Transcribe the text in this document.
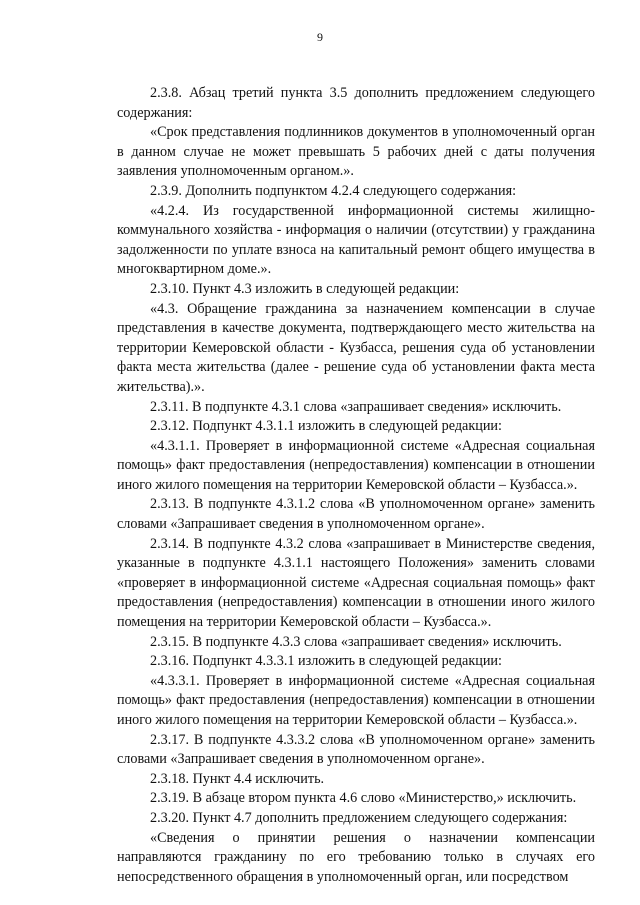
9

2.3.8. Абзац третий пункта 3.5 дополнить предложением следующего содержания:

«Срок представления подлинников документов в уполномоченный орган в данном случае не может превышать 5 рабочих дней с даты получения заявления уполномоченным органом.».

2.3.9. Дополнить подпунктом 4.2.4 следующего содержания:

«4.2.4. Из государственной информационной системы жилищно-коммунального хозяйства - информация о наличии (отсутствии) у гражданина задолженности по уплате взноса на капитальный ремонт общего имущества в многоквартирном доме.».

2.3.10. Пункт 4.3 изложить в следующей редакции:

«4.3. Обращение гражданина за назначением компенсации в случае представления в качестве документа, подтверждающего место жительства на территории Кемеровской области - Кузбасса, решения суда об установлении факта места жительства (далее - решение суда об установлении факта места жительства).».

2.3.11. В подпункте 4.3.1 слова «запрашивает сведения» исключить.

2.3.12. Подпункт 4.3.1.1 изложить в следующей редакции:

«4.3.1.1. Проверяет в информационной системе «Адресная социальная помощь» факт предоставления (непредоставления) компенсации в отношении иного жилого помещения на территории Кемеровской области – Кузбасса.».

2.3.13. В подпункте 4.3.1.2 слова «В уполномоченном органе» заменить словами «Запрашивает сведения в уполномоченном органе».

2.3.14. В подпункте 4.3.2 слова «запрашивает в Министерстве сведения, указанные в подпункте 4.3.1.1 настоящего Положения» заменить словами «проверяет в информационной системе «Адресная социальная помощь» факт предоставления (непредоставления) компенсации в отношении иного жилого помещения на территории Кемеровской области – Кузбасса.».

2.3.15. В подпункте 4.3.3 слова «запрашивает сведения» исключить.

2.3.16. Подпункт 4.3.3.1 изложить в следующей редакции:

«4.3.3.1. Проверяет в информационной системе «Адресная социальная помощь» факт предоставления (непредоставления) компенсации в отношении иного жилого помещения на территории Кемеровской области – Кузбасса.».

2.3.17. В подпункте 4.3.3.2 слова «В уполномоченном органе» заменить словами «Запрашивает сведения в уполномоченном органе».

2.3.18. Пункт 4.4 исключить.

2.3.19. В абзаце втором пункта 4.6 слово «Министерство,» исключить.

2.3.20. Пункт 4.7 дополнить предложением следующего содержания:

«Сведения о принятии решения о назначении компенсации направляются гражданину по его требованию только в случаях его непосредственного обращения в уполномоченный орган, или посредством
